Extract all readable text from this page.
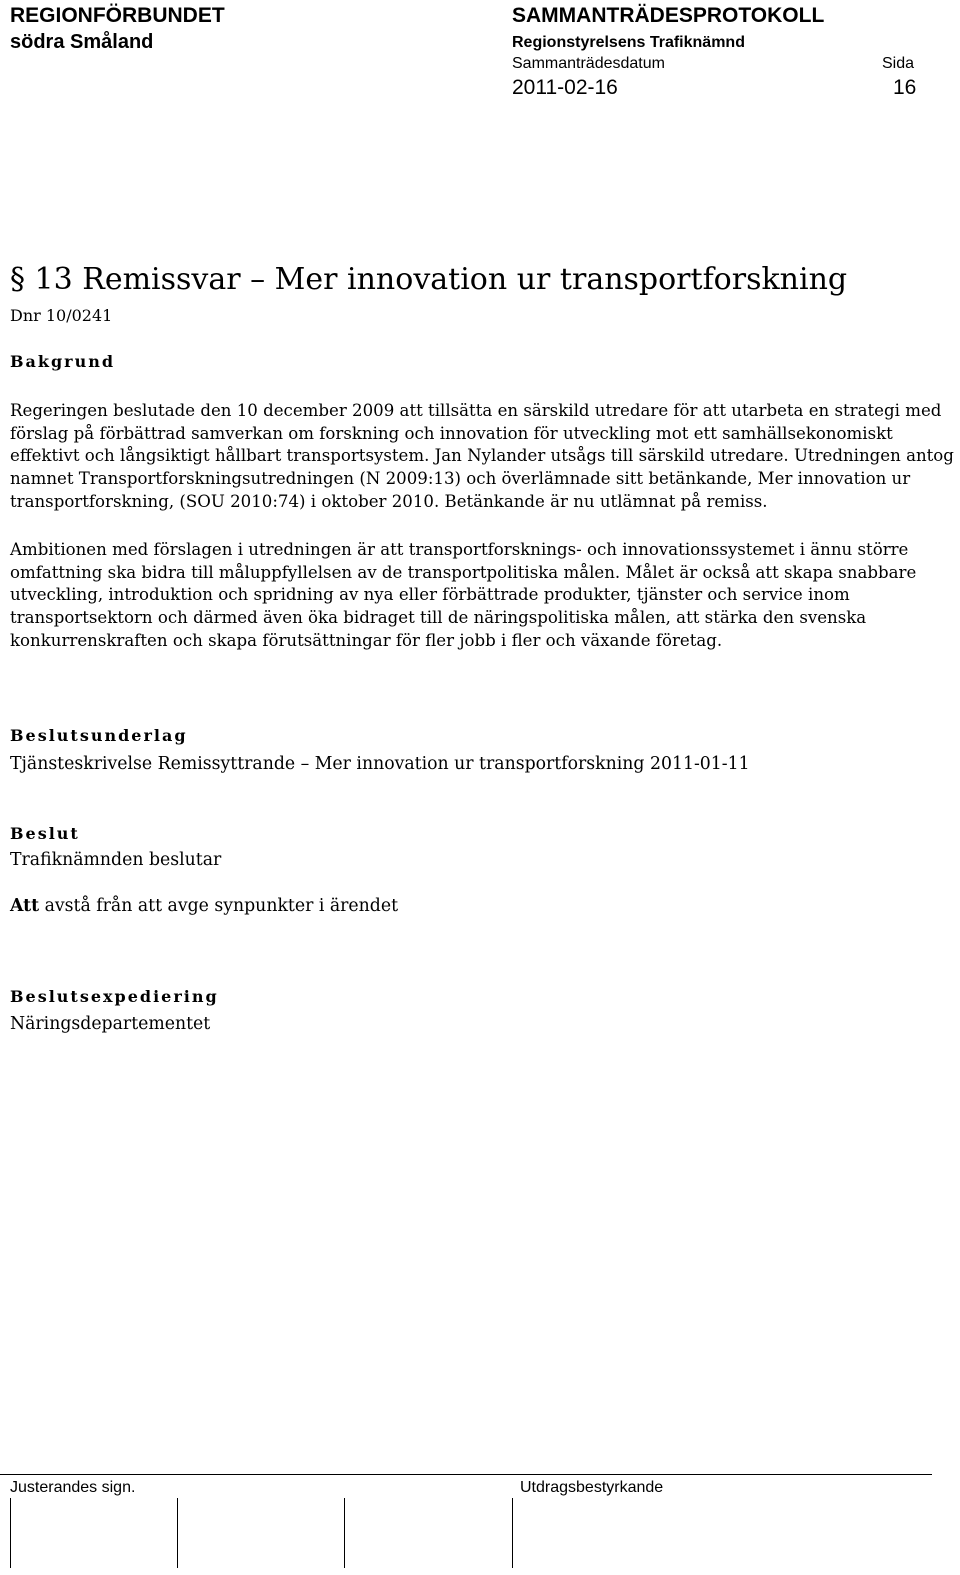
REGIONFÖRBUNDET
södra Småland
SAMMANTRÄDESPROTOKOLL
Regionstyrelsens Trafiknämnd
Sammanträdesdatum	Sida
2011-02-16	16
§ 13 Remissvar – Mer innovation ur transportforskning
Dnr 10/0241
Bakgrund

Regeringen beslutade den 10 december 2009 att tillsätta en särskild utredare för att utarbeta en strategi med förslag på förbättrad samverkan om forskning och innovation för utveckling mot ett samhällsekonomiskt effektivt och långsiktigt hållbart transportsystem. Jan Nylander utsågs till särskild utredare. Utredningen antog namnet Transportforskningsutredningen (N 2009:13) och överlämnade sitt betänkande, Mer innovation ur transportforskning, (SOU 2010:74) i oktober 2010. Betänkande är nu utlämnat på remiss.

Ambitionen med förslagen i utredningen är att transportforsknings- och innovationssystemet i ännu större omfattning ska bidra till måluppfyllelsen av de transportpolitiska målen. Målet är också att skapa snabbare utveckling, introduktion och spridning av nya eller förbättrade produkter, tjänster och service inom transportsektorn och därmed även öka bidraget till de näringspolitiska målen, att stärka den svenska konkurrenskraften och skapa förutsättningar för fler jobb i fler och växande företag.

Beslutsunderlag
Tjänsteskrivelse Remissyttrande – Mer innovation ur transportforskning 2011-01-11
Beslut
Trafiknämnden beslutar
Att avstå från att avge synpunkter i ärendet
Beslutsexpediering
Näringsdepartementet
Justerandes sign.	Utdragsbestyrkande
